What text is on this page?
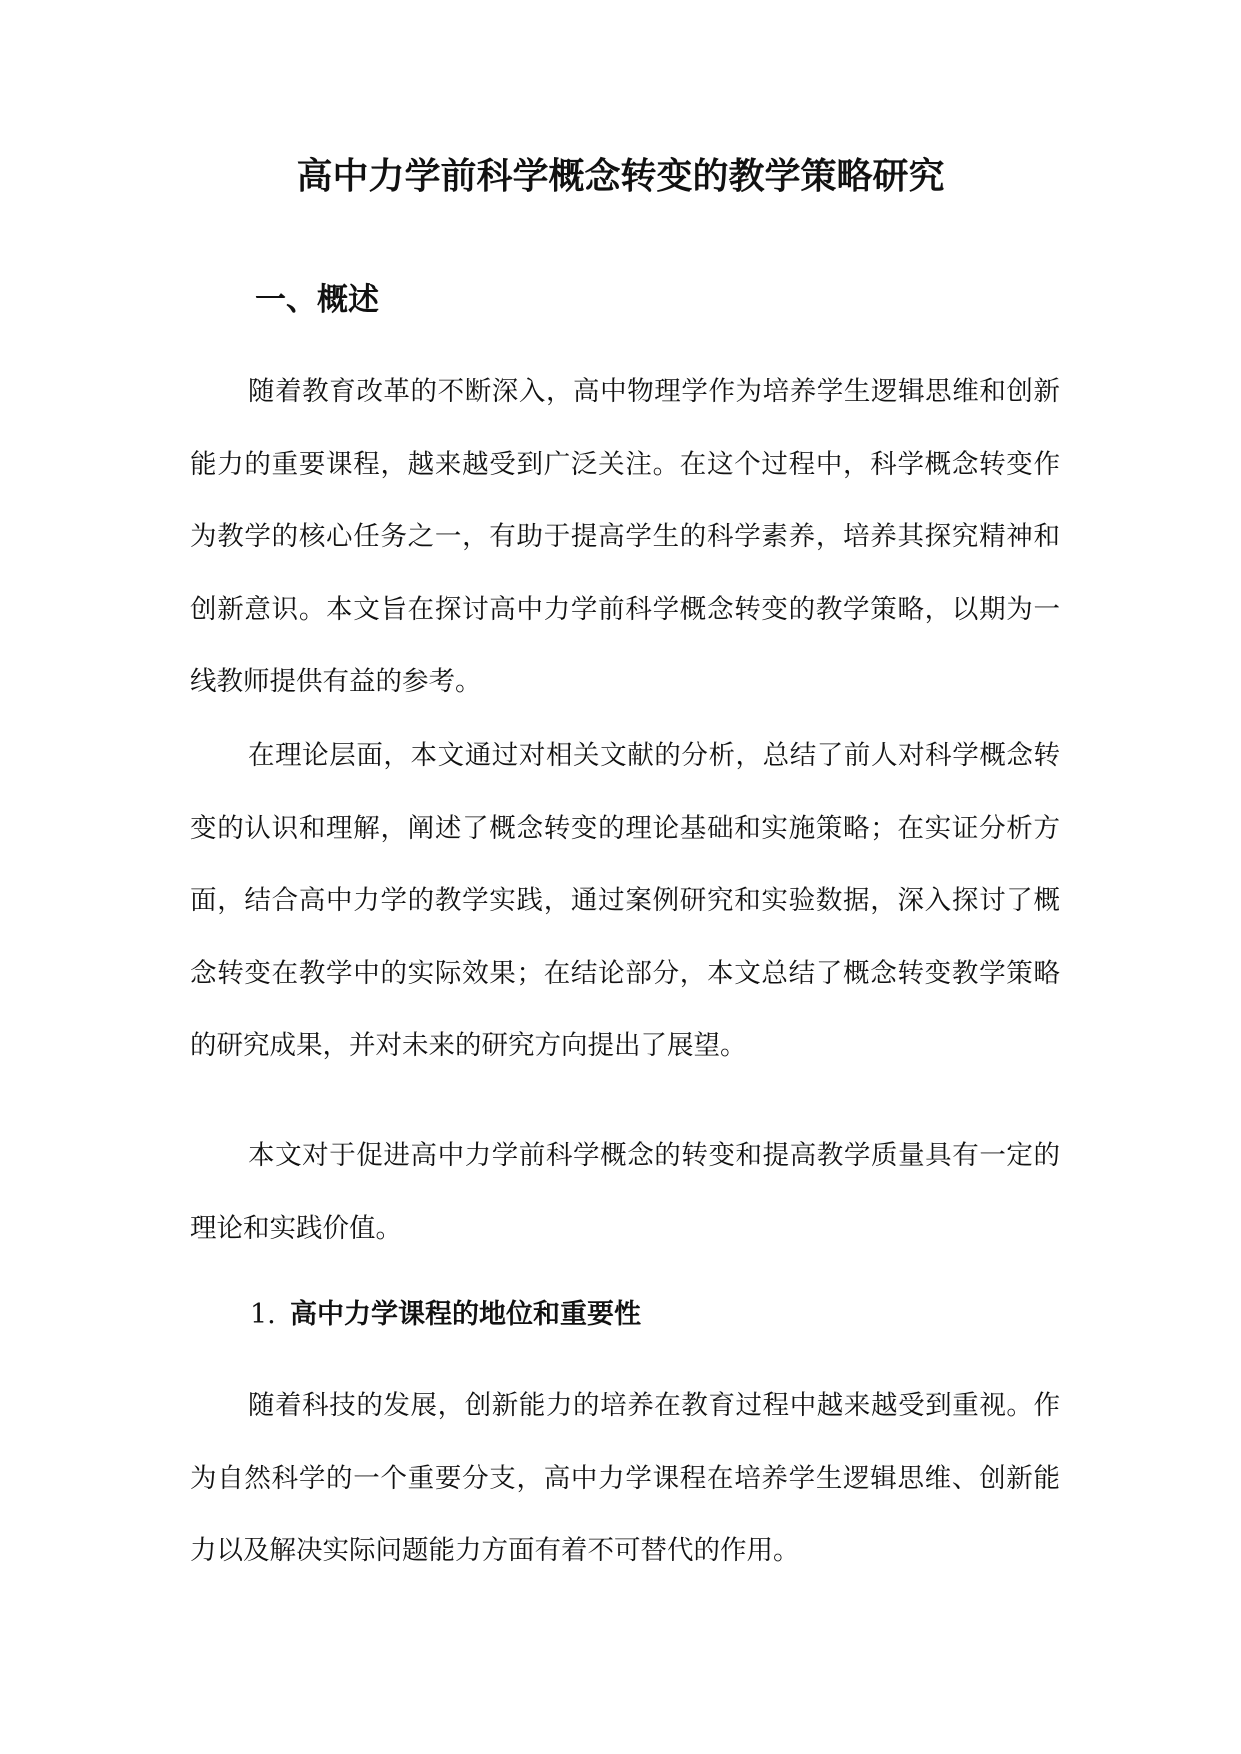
高中力学前科学概念转变的教学策略研究
一、概述

随着教育改革的不断深入，高中物理学作为培养学生逻辑思维和创新能力的重要课程，越来越受到广泛关注。在这个过程中，科学概念转变作为教学的核心任务之一，有助于提高学生的科学素养，培养其探究精神和创新意识。本文旨在探讨高中力学前科学概念转变的教学策略，以期为一线教师提供有益的参考。

在理论层面，本文通过对相关文献的分析，总结了前人对科学概念转变的认识和理解，阐述了概念转变的理论基础和实施策略；在实证分析方面，结合高中力学的教学实践，通过案例研究和实验数据，深入探讨了概念转变在教学中的实际效果；在结论部分，本文总结了概念转变教学策略的研究成果，并对未来的研究方向提出了展望。

本文对于促进高中力学前科学概念的转变和提高教学质量具有一定的理论和实践价值。

1. 高中力学课程的地位和重要性

随着科技的发展，创新能力的培养在教育过程中越来越受到重视。作为自然科学的一个重要分支，高中力学课程在培养学生逻辑思维、创新能力以及解决实际问题能力方面有着不可替代的作用。
